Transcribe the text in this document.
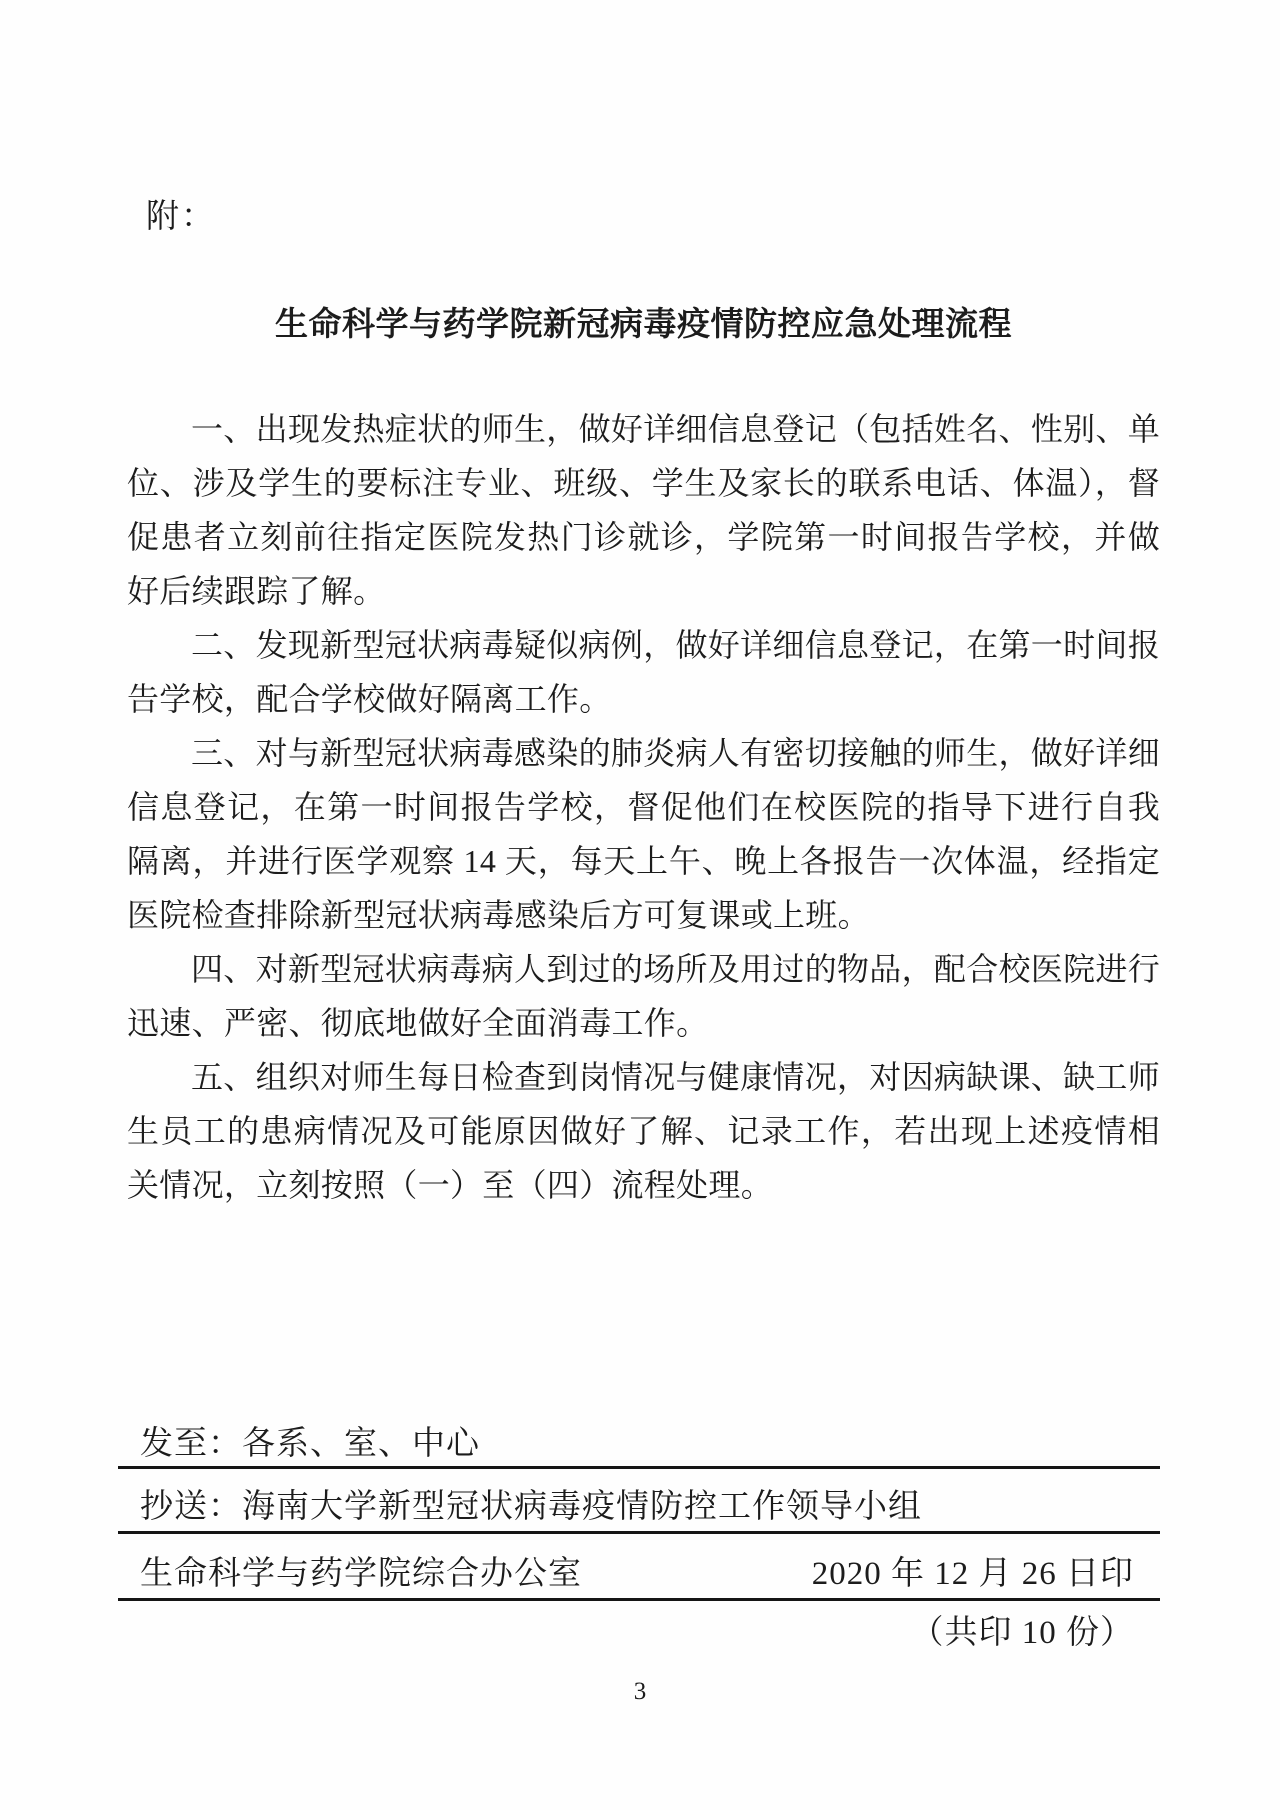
附：
生命科学与药学院新冠病毒疫情防控应急处理流程

一、出现发热症状的师生，做好详细信息登记（包括姓名、性别、单位、涉及学生的要标注专业、班级、学生及家长的联系电话、体温），督促患者立刻前往指定医院发热门诊就诊，学院第一时间报告学校，并做好后续跟踪了解。

二、发现新型冠状病毒疑似病例，做好详细信息登记，在第一时间报告学校，配合学校做好隔离工作。

三、对与新型冠状病毒感染的肺炎病人有密切接触的师生，做好详细信息登记，在第一时间报告学校，督促他们在校医院的指导下进行自我隔离，并进行医学观察 14 天，每天上午、晚上各报告一次体温，经指定医院检查排除新型冠状病毒感染后方可复课或上班。

四、对新型冠状病毒病人到过的场所及用过的物品，配合校医院进行迅速、严密、彻底地做好全面消毒工作。

五、组织对师生每日检查到岗情况与健康情况，对因病缺课、缺工师生员工的患病情况及可能原因做好了解、记录工作，若出现上述疫情相关情况，立刻按照（一）至（四）流程处理。

发至：各系、室、中心
抄送：海南大学新型冠状病毒疫情防控工作领导小组
生命科学与药学院综合办公室	2020 年 12 月 26 日印
（共印 10 份）
3
